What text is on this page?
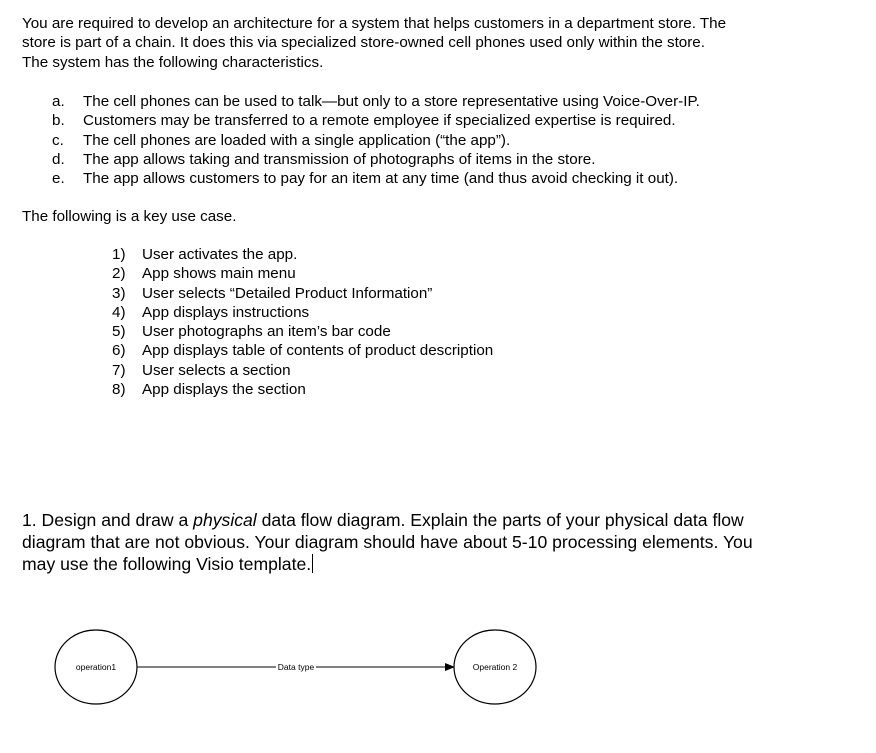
You are required to develop an architecture for a system that helps customers in a department store. The

store is part of a chain. It does this via specialized store-owned cell phones used only within the store.

The system has the following characteristics.

a.	The cell phones can be used to talk—but only to a store representative using Voice-Over-IP.
b.	Customers may be transferred to a remote employee if specialized expertise is required.
c.	The cell phones are loaded with a single application (“the app”).
d.	The app allows taking and transmission of photographs of items in the store.
e.	The app allows customers to pay for an item at any time (and thus avoid checking it out).

The following is a key use case.

1)	User activates the app.
2)	App shows main menu
3)	User selects “Detailed Product Information”
4)	App displays instructions
5)	User photographs an item’s bar code
6)	App displays table of contents of product description
7)	User selects a section
8)	App displays the section
1. Design and draw a physical data flow diagram. Explain the parts of your physical data flow
diagram that are not obvious. Your diagram should have about 5-10 processing elements. You
may use the following Visio template.
operation1	Data type	Operation 2
